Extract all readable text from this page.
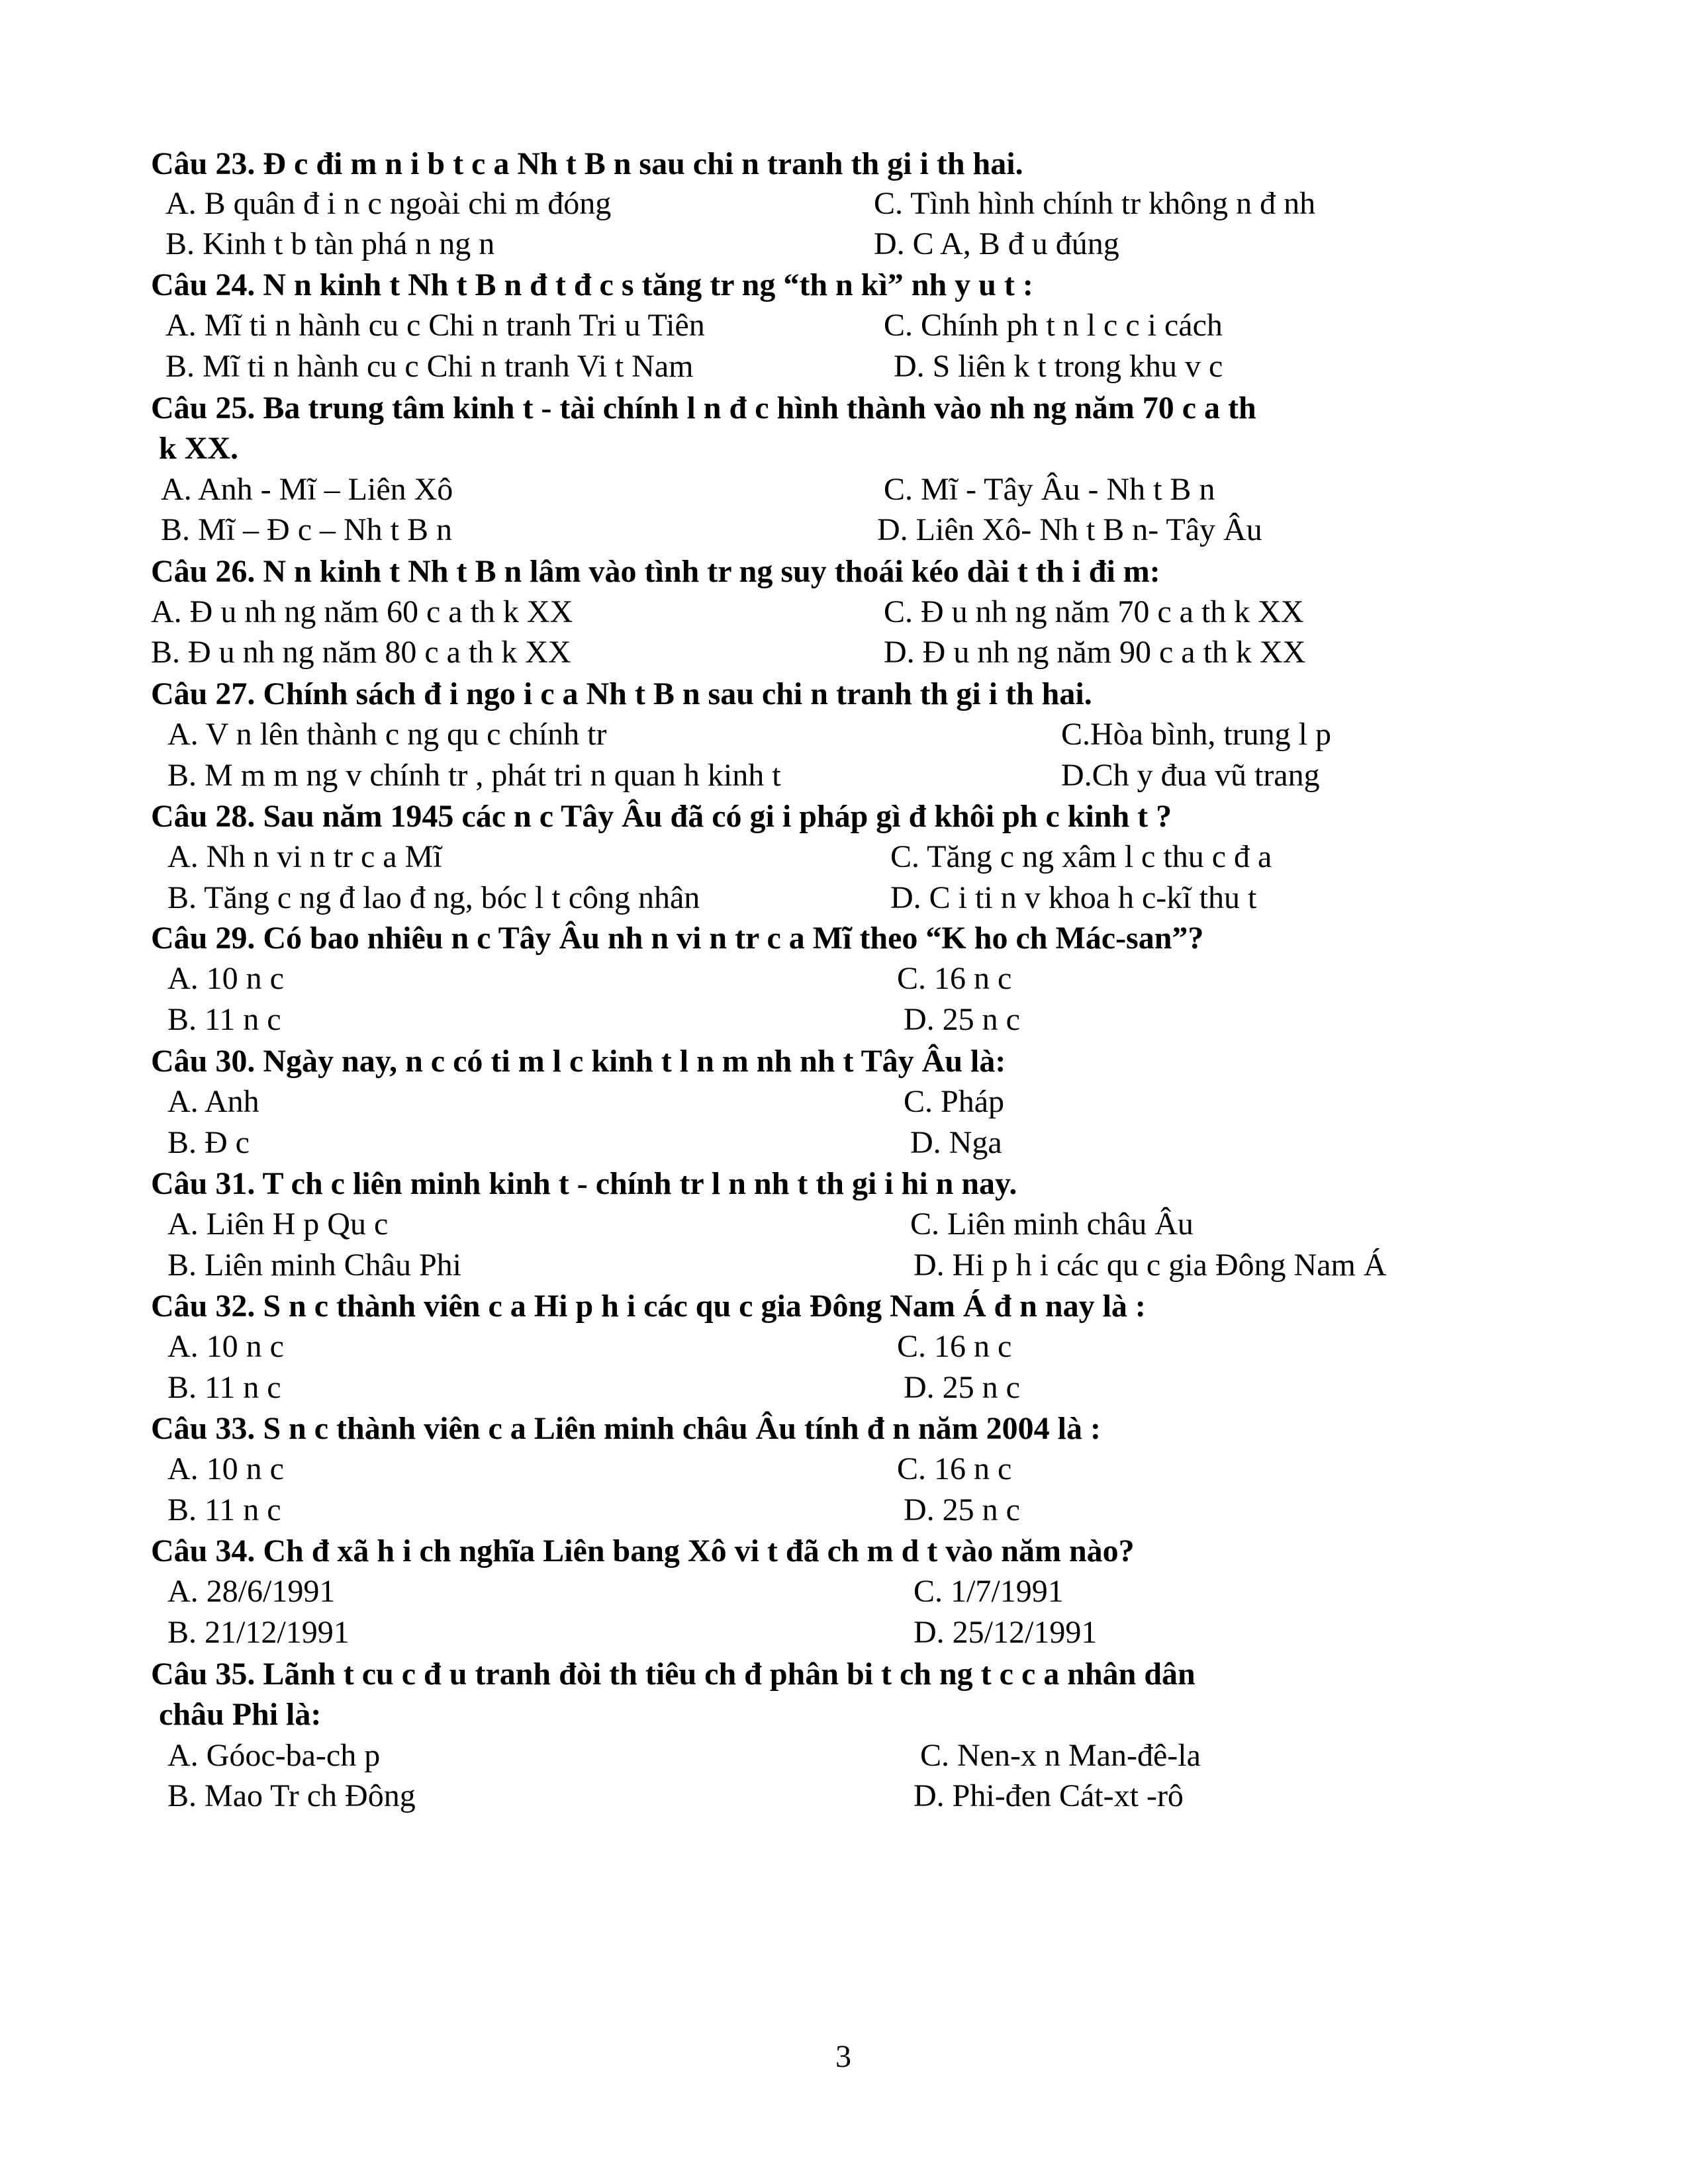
Câu 23. Đ c đi m n i b t c a Nh t B n sau chi n tranh th gi i th hai.
A. B quân đ i n c ngoài chi m đóng	C. Tình hình chính tr không n đ nh
B. Kinh t b tàn phá n ng n	D. C A, B đ u đúng
Câu 24. N n kinh t Nh t B n đ t đ c s tăng tr ng “th n kì” nh y u t :
A. Mĩ ti n hành cu c Chi n tranh Tri u Tiên	C. Chính ph t n l c c i cách
B. Mĩ ti n hành cu c Chi n tranh Vi t Nam	D. S liên k t trong khu v c
Câu 25. Ba trung tâm kinh t - tài chính l n đ c hình thành vào nh ng năm 70 c a th
k XX.
A. Anh - Mĩ – Liên Xô	C. Mĩ - Tây Âu - Nh t B n
B. Mĩ – Đ c – Nh t B n	D. Liên Xô- Nh t B n- Tây Âu
Câu 26. N n kinh t Nh t B n lâm vào tình tr ng suy thoái kéo dài t th i đi m:
A. Đ u nh ng năm 60 c a th k XX	C. Đ u nh ng năm 70 c a th k XX
B. Đ u nh ng năm 80 c a th k XX	D. Đ u nh ng năm 90 c a th k XX
Câu 27. Chính sách đ i ngo i c a Nh t B n sau chi n tranh th gi i th hai.
A. V n lên thành c ng qu c chính tr	C.Hòa bình, trung l p
B. M m m ng v chính tr , phát tri n quan h kinh t	D.Ch y đua vũ trang
Câu 28. Sau năm 1945 các n c Tây Âu đã có gi i pháp gì đ khôi ph c kinh t ?
A. Nh n vi n tr c a Mĩ	C. Tăng c ng xâm l c thu c đ a
B. Tăng c ng đ lao đ ng, bóc l t công nhân	D. C i ti n v khoa h c-kĩ thu t
Câu 29. Có bao nhiêu n c Tây Âu nh n vi n tr c a Mĩ theo “K ho ch Mác-san”?
A. 10 n c	C. 16 n c
B. 11 n c	D. 25 n c
Câu 30. Ngày nay, n c có ti m l c kinh t l n m nh nh t Tây Âu là:
A. Anh	C. Pháp
B. Đ c	D. Nga
Câu 31. T ch c liên minh kinh t - chính tr l n nh t th gi i hi n nay.
A. Liên H p Qu c	C. Liên minh châu Âu
B. Liên minh Châu Phi	D. Hi p h i các qu c gia Đông Nam Á
Câu 32. S n c thành viên c a Hi p h i các qu c gia Đông Nam Á đ n nay là :
A. 10 n c	C. 16 n c
B. 11 n c	D. 25 n c
Câu 33. S n c thành viên c a Liên minh châu Âu tính đ n năm 2004 là :
A. 10 n c	C. 16 n c
B. 11 n c	D. 25 n c
Câu 34. Ch đ xã h i ch nghĩa Liên bang Xô vi t đã ch m d t vào năm nào?
A. 28/6/1991	C. 1/7/1991
B. 21/12/1991	D. 25/12/1991
Câu 35. Lãnh t cu c đ u tranh đòi th tiêu ch đ phân bi t ch ng t c c a nhân dân
châu Phi là:
A. Góoc-ba-ch p	C. Nen-x n Man-đê-la
B. Mao Tr ch Đông	D. Phi-đen Cát-xt -rô
3
